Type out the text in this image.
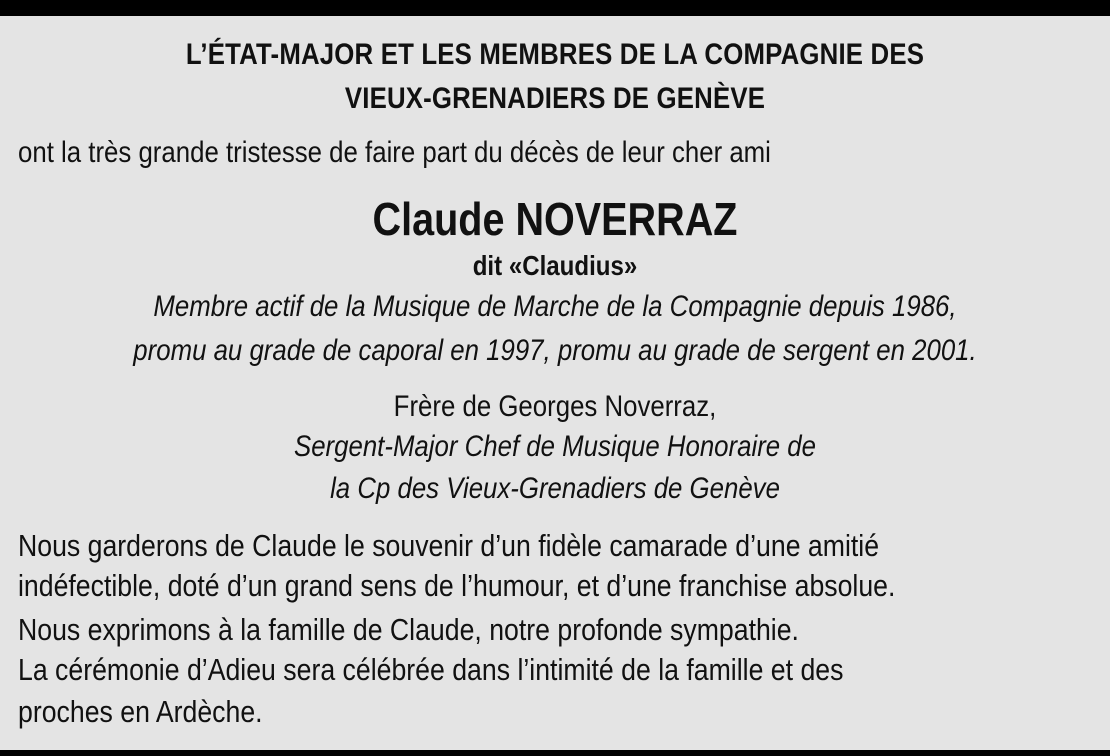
L’ÉTAT-MAJOR ET LES MEMBRES DE LA COMPAGNIE DES
VIEUX-GRENADIERS DE GENÈVE
ont la très grande tristesse de faire part du décès de leur cher ami
Claude NOVERRAZ
dit «Claudius»
Membre actif de la Musique de Marche de la Compagnie depuis 1986,
promu au grade de caporal en 1997, promu au grade de sergent en 2001.
Frère de Georges Noverraz,
Sergent-Major Chef de Musique Honoraire de
la Cp des Vieux-Grenadiers de Genève
Nous garderons de Claude le souvenir d’un fidèle camarade d’une amitié
indéfectible, doté d’un grand sens de l’humour, et d’une franchise absolue.
Nous exprimons à la famille de Claude, notre profonde sympathie.
La cérémonie d’Adieu sera célébrée dans l’intimité de la famille et des
proches en Ardèche.
